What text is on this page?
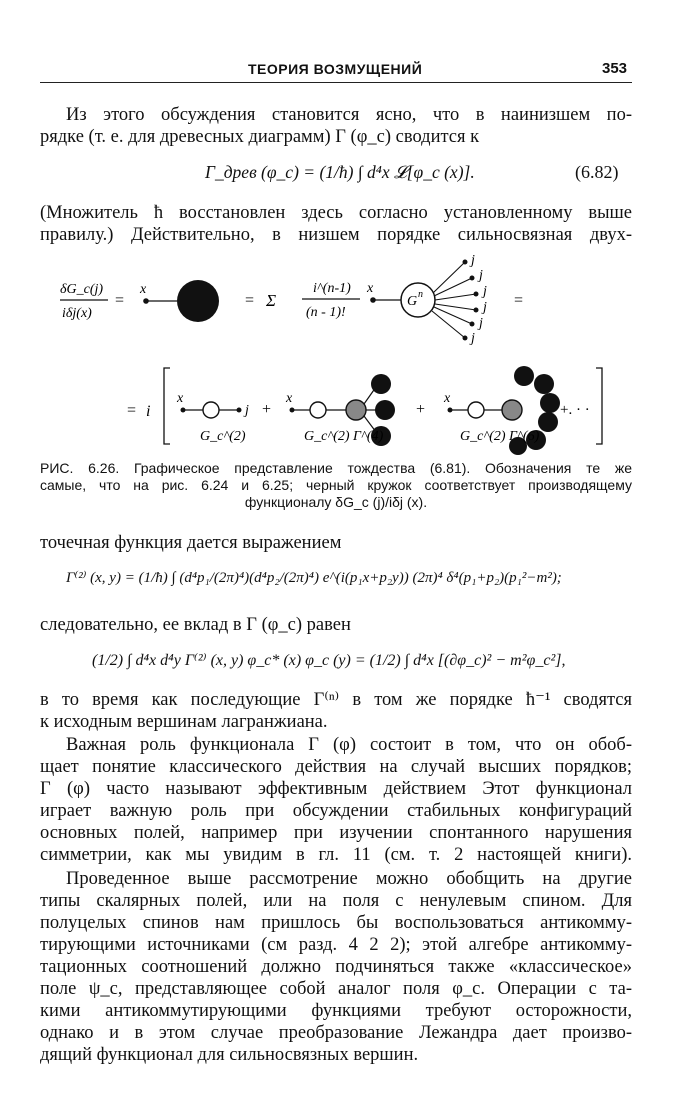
ТЕОРИЯ ВОЗМУЩЕНИЙ	353
Из этого обсуждения становится ясно, что в наинизшем по-
рядке (т. е. для древесных диаграмм) Γ (φ_c) сводится к
Γ_древ (φ_c) = (1/ħ) ∫ d⁴x 𝓛[φ_c (x)].	(6.82)
(Множитель ħ восстановлен здесь согласно установленному выше
правилу.) Действительно, в низшем порядке сильносвязная двух-
δG_c(j)
iδj(x)
=
x
= Σ
i^(n-1)
(n - 1)!
x
G n
j
j
j
j
j
j
=
= i
x
j
G_c^(2)
+
x
G_c^(2) Γ^(4)
+
x
G_c^(2) Γ^(6)
+. · ·
РИС. 6.26. Графическое представление тождества (6.81). Обозначения те же
самые, что на рис. 6.24 и 6.25; черный кружок соответствует производящему
функционалу δG_c (j)/iδj (x).
точечная функция дается выражением
Γ⁽²⁾ (x, y) = (1/ħ) ∫ (d⁴p₁/(2π)⁴)(d⁴p₂/(2π)⁴) e^(i(p₁x+p₂y)) (2π)⁴ δ⁴(p₁+p₂)(p₁²−m²);
следовательно, ее вклад в Γ (φ_c) равен
(1/2) ∫ d⁴x d⁴y Γ⁽²⁾ (x, y) φ_c* (x) φ_c (y) = (1/2) ∫ d⁴x [(∂φ_c)² − m²φ_c²],
в то время как последующие Γ⁽ⁿ⁾ в том же порядке ħ⁻¹ сводятся
к исходным вершинам лагранжиана.
Важная роль функционала Γ (φ) состоит в том, что он обоб-
щает понятие классического действия на случай высших порядков;
Γ (φ) часто называют эффективным действием Этот функционал
играет важную роль при обсуждении стабильных конфигураций
основных полей, например при изучении спонтанного нарушения
симметрии, как мы увидим в гл. 11 (см. т. 2 настоящей книги).
Проведенное выше рассмотрение можно обобщить на другие
типы скалярных полей, или на поля с ненулевым спином. Для
полуцелых спинов нам пришлось бы воспользоваться антикомму-
тирующими источниками (см разд. 4 2 2); этой алгебре антикомму-
тационных соотношений должно подчиняться также «классическое»
поле ψ_c, представляющее собой аналог поля φ_c. Операции с та-
кими антикоммутирующими функциями требуют осторожности,
однако и в этом случае преобразование Лежандра дает произво-
дящий функционал для сильносвязных вершин.
